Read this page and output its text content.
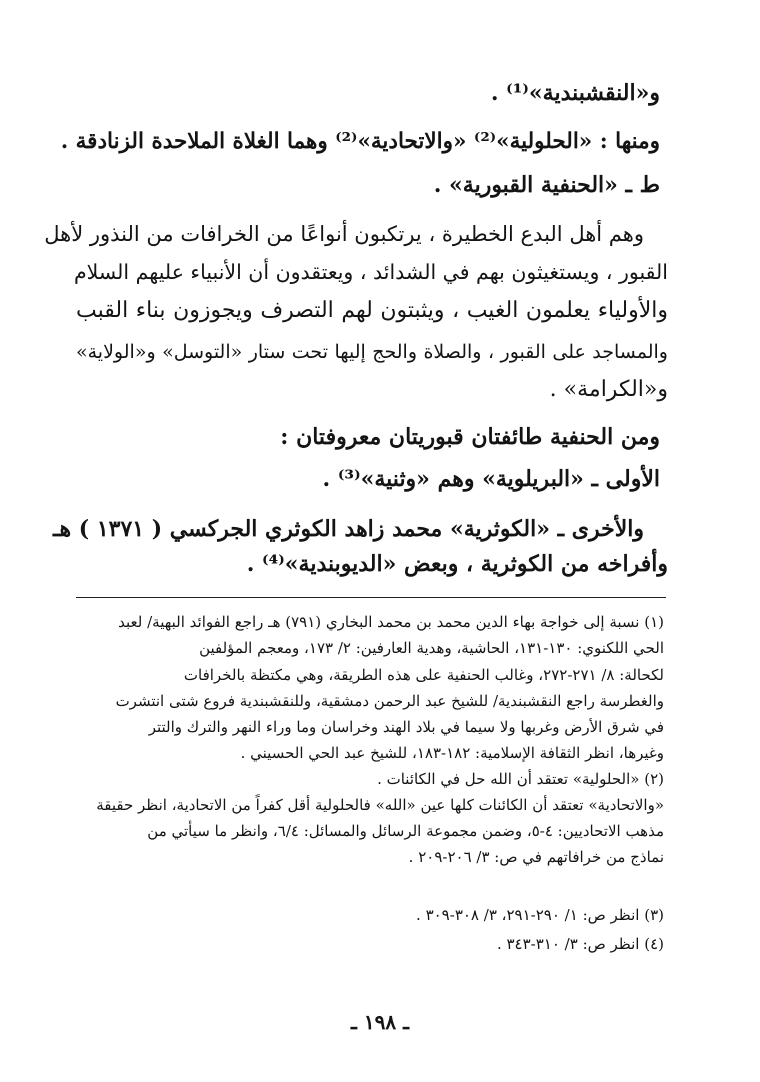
و«النقشبندية»⁽¹⁾ .
ومنها : «الحلولية»⁽²⁾ «والاتحادية»⁽²⁾ وهما الغلاة الملاحدة الزنادقة .
ط ـ «الحنفية القبورية» .
وهم أهل البدع الخطيرة ، يرتكبون أنواعًا من الخرافات من النذور لأهل
القبور ، ويستغيثون بهم في الشدائد ، ويعتقدون أن الأنبياء عليهم السلام
والأولياء يعلمون الغيب ، ويثبتون لهم التصرف ويجوزون بناء القبب
والمساجد على القبور ، والصلاة والحج إليها تحت ستار «التوسل» و«الولاية»
و«الكرامة» .
ومن الحنفية طائفتان قبوريتان معروفتان :
الأولى ـ «البريلوية» وهم «وثنية»⁽³⁾ .
والأخرى ـ «الكوثرية» محمد زاهد الكوثري الجركسي ( ١٣٧١ ) هـ
وأفراخه من الكوثرية ، وبعض «الديوبندية»⁽⁴⁾ .
(١) نسبة إلى خواجة بهاء الدين محمد بن محمد البخاري (٧٩١) هـ راجع الفوائد البهية/ لعبد
الحي اللكنوي: ١٣٠-١٣١، الحاشية، وهدية العارفين: ٢/ ١٧٣، ومعجم المؤلفين
لكحالة: ٨/ ٢٧١-٢٧٢، وغالب الحنفية على هذه الطريقة، وهي مكتظة بالخرافات
والغطرسة راجع النقشبندية/ للشيخ عبد الرحمن دمشقية، وللنقشبندية فروع شتى انتشرت
في شرق الأرض وغربها ولا سيما في بلاد الهند وخراسان وما وراء النهر والترك والتتر
وغيرها، انظر الثقافة الإسلامية: ١٨٢-١٨٣، للشيخ عبد الحي الحسيني .
(٢) «الحلولية» تعتقد أن الله حل في الكائنات .
«والاتحادية» تعتقد أن الكائنات كلها عين «الله» فالحلولية أقل كفراً من الاتحادية، انظر حقيقة
مذهب الاتحاديين: ٤-٥، وضمن مجموعة الرسائل والمسائل: ٦/٤، وانظر ما سيأتي من
نماذج من خرافاتهم في ص: ٣/ ٢٠٦-٢٠٩ .
(٣) انظر ص: ١/ ٢٩٠-٢٩١، ٣/ ٣٠٨-٣٠٩ .
(٤) انظر ص: ٣/ ٣١٠-٣٤٣ .
ـ ١٩٨ ـ
